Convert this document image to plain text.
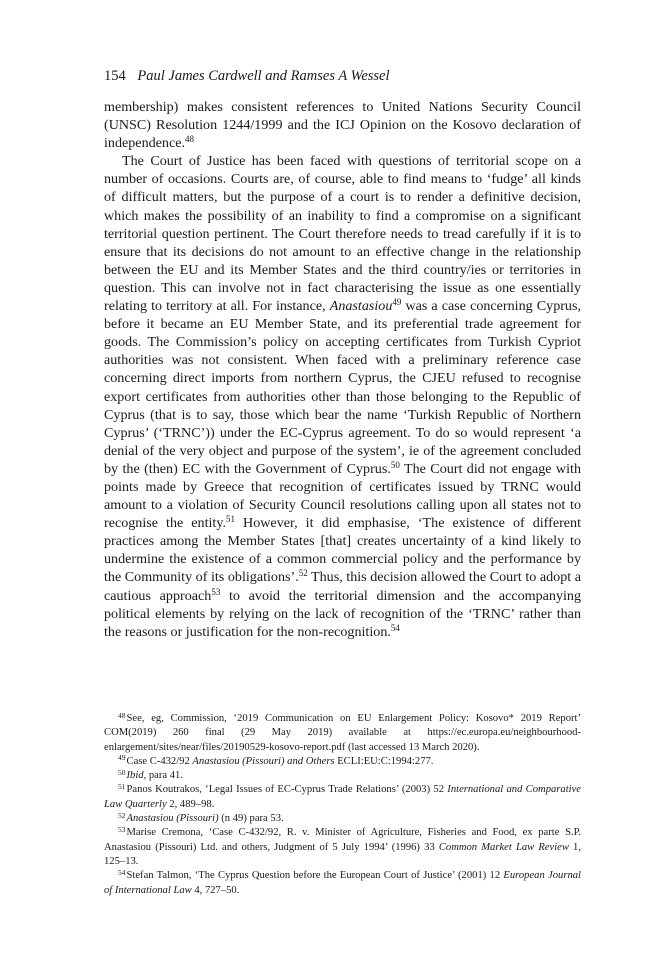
154 Paul James Cardwell and Ramses A Wessel

membership) makes consistent references to United Nations Security Council (UNSC) Resolution 1244/1999 and the ICJ Opinion on the Kosovo declaration of independence.$^{48}$

The Court of Justice has been faced with questions of territorial scope on a number of occasions. Courts are, of course, able to find means to ‘fudge’ all kinds of difficult matters, but the purpose of a court is to render a definitive decision, which makes the possibility of an inability to find a compromise on a significant territorial question pertinent. The Court therefore needs to tread carefully if it is to ensure that its decisions do not amount to an effective change in the relationship between the EU and its Member States and the third country/ies or territories in question. This can involve not in fact characterising the issue as one essentially relating to territory at all. For instance, Anastasiou$^{49}$ was a case concerning Cyprus, before it became an EU Member State, and its preferential trade agreement for goods. The Commission’s policy on accepting certificates from Turkish Cypriot authorities was not consistent. When faced with a preliminary reference case concerning direct imports from northern Cyprus, the CJEU refused to recognise export certificates from authorities other than those belonging to the Republic of Cyprus (that is to say, those which bear the name ‘Turkish Republic of Northern Cyprus’ (‘TRNC’)) under the EC-Cyprus agreement. To do so would represent ‘a denial of the very object and purpose of the system’, ie of the agreement concluded by the (then) EC with the Government of Cyprus.$^{50}$ The Court did not engage with points made by Greece that recognition of certificates issued by TRNC would amount to a violation of Security Council resolutions calling upon all states not to recognise the entity.$^{51}$ However, it did emphasise, ‘The existence of different practices among the Member States [that] creates uncertainty of a kind likely to undermine the existence of a common commercial policy and the performance by the Community of its obligations’.$^{52}$ Thus, this decision allowed the Court to adopt a cautious approach$^{53}$ to avoid the territorial dimension and the accompanying political elements by relying on the lack of recognition of the ‘TRNC’ rather than the reasons or justification for the non-recognition.$^{54}$

$^{48}$See, eg, Commission, ‘2019 Communication on EU Enlargement Policy: Kosovo* 2019 Report’ COM(2019) 260 final (29 May 2019) available at https://ec.europa.eu/neighbourhood-enlargement/sites/near/files/20190529-kosovo-report.pdf (last accessed 13 March 2020).

$^{49}$Case C-432/92 Anastasiou (Pissouri) and Others ECLI:EU:C:1994:277.

$^{50}$Ibid, para 41.

$^{51}$Panos Koutrakos, ‘Legal Issues of EC-Cyprus Trade Relations’ (2003) 52 International and Comparative Law Quarterly 2, 489–98.

$^{52}$Anastasiou (Pissouri) (n 49) para 53.

$^{53}$Marise Cremona, ‘Case C-432/92, R. v. Minister of Agriculture, Fisheries and Food, ex parte S.P. Anastasiou (Pissouri) Ltd. and others, Judgment of 5 July 1994’ (1996) 33 Common Market Law Review 1, 125–13.

$^{54}$Stefan Talmon, ‘The Cyprus Question before the European Court of Justice’ (2001) 12 European Journal of International Law 4, 727–50.
